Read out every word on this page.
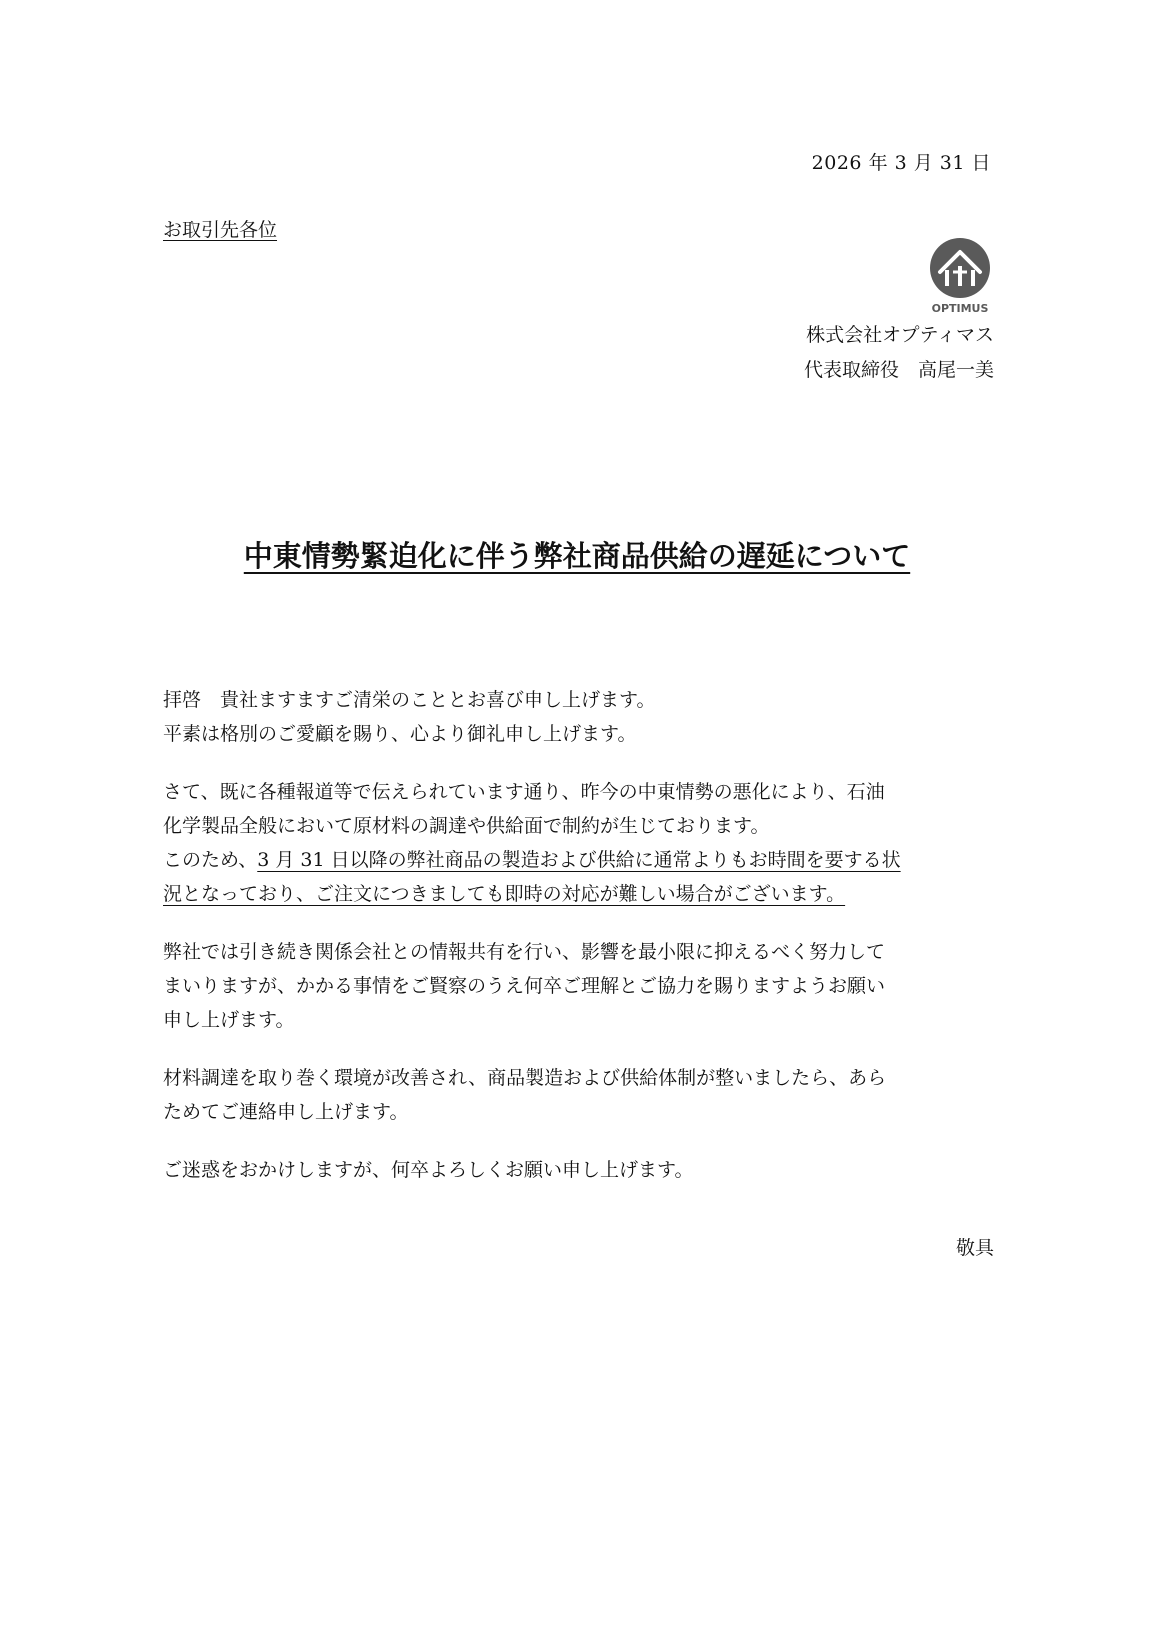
2026 年 3 月 31 日
お取引先各位
OPTIMUS
株式会社オプティマス
代表取締役　高尾一美
中東情勢緊迫化に伴う弊社商品供給の遅延について

拝啓　貴社ますますご清栄のこととお喜び申し上げます。
平素は格別のご愛顧を賜り、心より御礼申し上げます。

さて、既に各種報道等で伝えられています通り、昨今の中東情勢の悪化により、石油
化学製品全般において原材料の調達や供給面で制約が生じております。
このため、3 月 31 日以降の弊社商品の製造および供給に通常よりもお時間を要する状
況となっており、ご注文につきましても即時の対応が難しい場合がございます。

弊社では引き続き関係会社との情報共有を行い、影響を最小限に抑えるべく努力して
まいりますが、かかる事情をご賢察のうえ何卒ご理解とご協力を賜りますようお願い
申し上げます。

材料調達を取り巻く環境が改善され、商品製造および供給体制が整いましたら、あら
ためてご連絡申し上げます。

ご迷惑をおかけしますが、何卒よろしくお願い申し上げます。

敬具
